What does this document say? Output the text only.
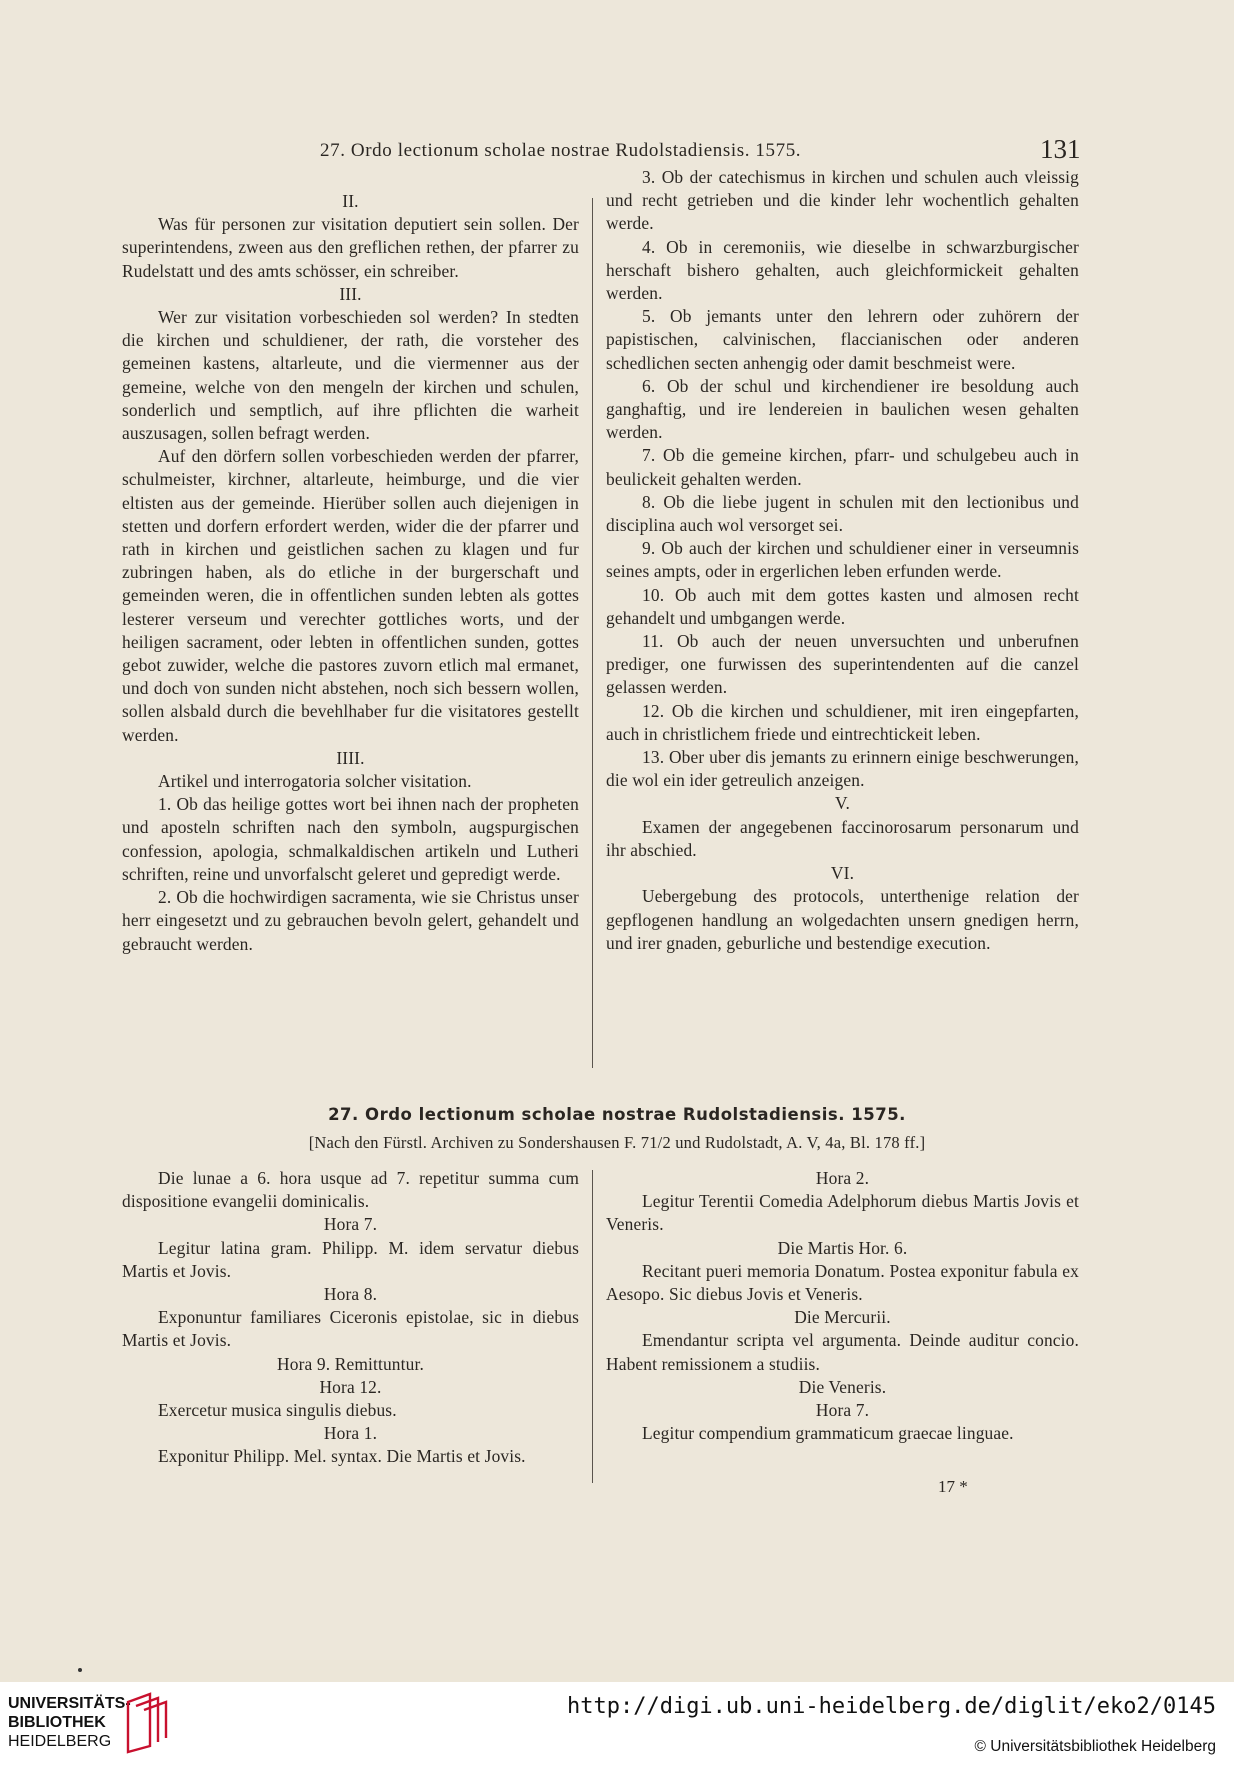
27. Ordo lectionum scholae nostrae Rudolstadiensis. 1575.	131

II.

Was für personen zur visitation deputiert sein sollen. Der superintendens, zween aus den greflichen rethen, der pfarrer zu Rudelstatt und des amts schösser, ein schreiber.

III.

Wer zur visitation vorbeschieden sol werden? In stedten die kirchen und schuldiener, der rath, die vorsteher des gemeinen kastens, altarleute, und die viermenner aus der gemeine, welche von den mengeln der kirchen und schulen, sonderlich und semptlich, auf ihre pflichten die warheit auszusagen, sollen befragt werden.

Auf den dörfern sollen vorbeschieden werden der pfarrer, schulmeister, kirchner, altarleute, heimburge, und die vier eltisten aus der gemeinde. Hierüber sollen auch diejenigen in stetten und dorfern erfordert werden, wider die der pfarrer und rath in kirchen und geistlichen sachen zu klagen und fur zubringen haben, als do etliche in der burgerschaft und gemeinden weren, die in offentlichen sunden lebten als gottes lesterer verseum und verechter gottliches worts, und der heiligen sacrament, oder lebten in offentlichen sunden, gottes gebot zuwider, welche die pastores zuvorn etlich mal ermanet, und doch von sunden nicht abstehen, noch sich bessern wollen, sollen alsbald durch die bevehlhaber fur die visitatores gestellt werden.

IIII.

Artikel und interrogatoria solcher visitation.

1. Ob das heilige gottes wort bei ihnen nach der propheten und aposteln schriften nach den symboln, augspurgischen confession, apologia, schmalkaldischen artikeln und Lutheri schriften, reine und unvorfalscht geleret und gepredigt werde.

2. Ob die hochwirdigen sacramenta, wie sie Christus unser herr eingesetzt und zu gebrauchen bevoln gelert, gehandelt und gebraucht werden.

3. Ob der catechismus in kirchen und schulen auch vleissig und recht getrieben und die kinder lehr wochentlich gehalten werde.

4. Ob in ceremoniis, wie dieselbe in schwarzburgischer herschaft bishero gehalten, auch gleichformickeit gehalten werden.

5. Ob jemants unter den lehrern oder zuhörern der papistischen, calvinischen, flaccianischen oder anderen schedlichen secten anhengig oder damit beschmeist were.

6. Ob der schul und kirchendiener ire besoldung auch ganghaftig, und ire lendereien in baulichen wesen gehalten werden.

7. Ob die gemeine kirchen, pfarr- und schulgebeu auch in beulickeit gehalten werden.

8. Ob die liebe jugent in schulen mit den lectionibus und disciplina auch wol versorget sei.

9. Ob auch der kirchen und schuldiener einer in verseumnis seines ampts, oder in ergerlichen leben erfunden werde.

10. Ob auch mit dem gottes kasten und almosen recht gehandelt und umbgangen werde.

11. Ob auch der neuen unversuchten und unberufnen prediger, one furwissen des superintendenten auf die canzel gelassen werden.

12. Ob die kirchen und schuldiener, mit iren eingepfarten, auch in christlichem friede und eintrechtickeit leben.

13. Ober uber dis jemants zu erinnern einige beschwerungen, die wol ein ider getreulich anzeigen.

V.

Examen der angegebenen faccinorosarum personarum und ihr abschied.

VI.

Uebergebung des protocols, unterthenige relation der gepflogenen handlung an wolgedachten unsern gnedigen herrn, und irer gnaden, geburliche und bestendige execution.

27. Ordo lectionum scholae nostrae Rudolstadiensis. 1575.
[Nach den Fürstl. Archiven zu Sondershausen F. 71/2 und Rudolstadt, A. V, 4a, Bl. 178 ff.]

Die lunae a 6. hora usque ad 7. repetitur summa cum dispositione evangelii dominicalis.

Hora 7.

Legitur latina gram. Philipp. M. idem servatur diebus Martis et Jovis.

Hora 8.

Exponuntur familiares Ciceronis epistolae, sic in diebus Martis et Jovis.

Hora 9. Remittuntur.

Hora 12.

Exercetur musica singulis diebus.

Hora 1.

Exponitur Philipp. Mel. syntax. Die Martis et Jovis.

Hora 2.

Legitur Terentii Comedia Adelphorum diebus Martis Jovis et Veneris.

Die Martis Hor. 6.

Recitant pueri memoria Donatum. Postea exponitur fabula ex Aesopo. Sic diebus Jovis et Veneris.

Die Mercurii.

Emendantur scripta vel argumenta. Deinde auditur concio. Habent remissionem a studiis.

Die Veneris.

Hora 7.

Legitur compendium grammaticum graecae linguae.

17 *
UNIVERSITÄTS-
BIBLIOTHEK
HEIDELBERG
http://digi.ub.uni-heidelberg.de/diglit/eko2/0145
© Universitätsbibliothek Heidelberg
